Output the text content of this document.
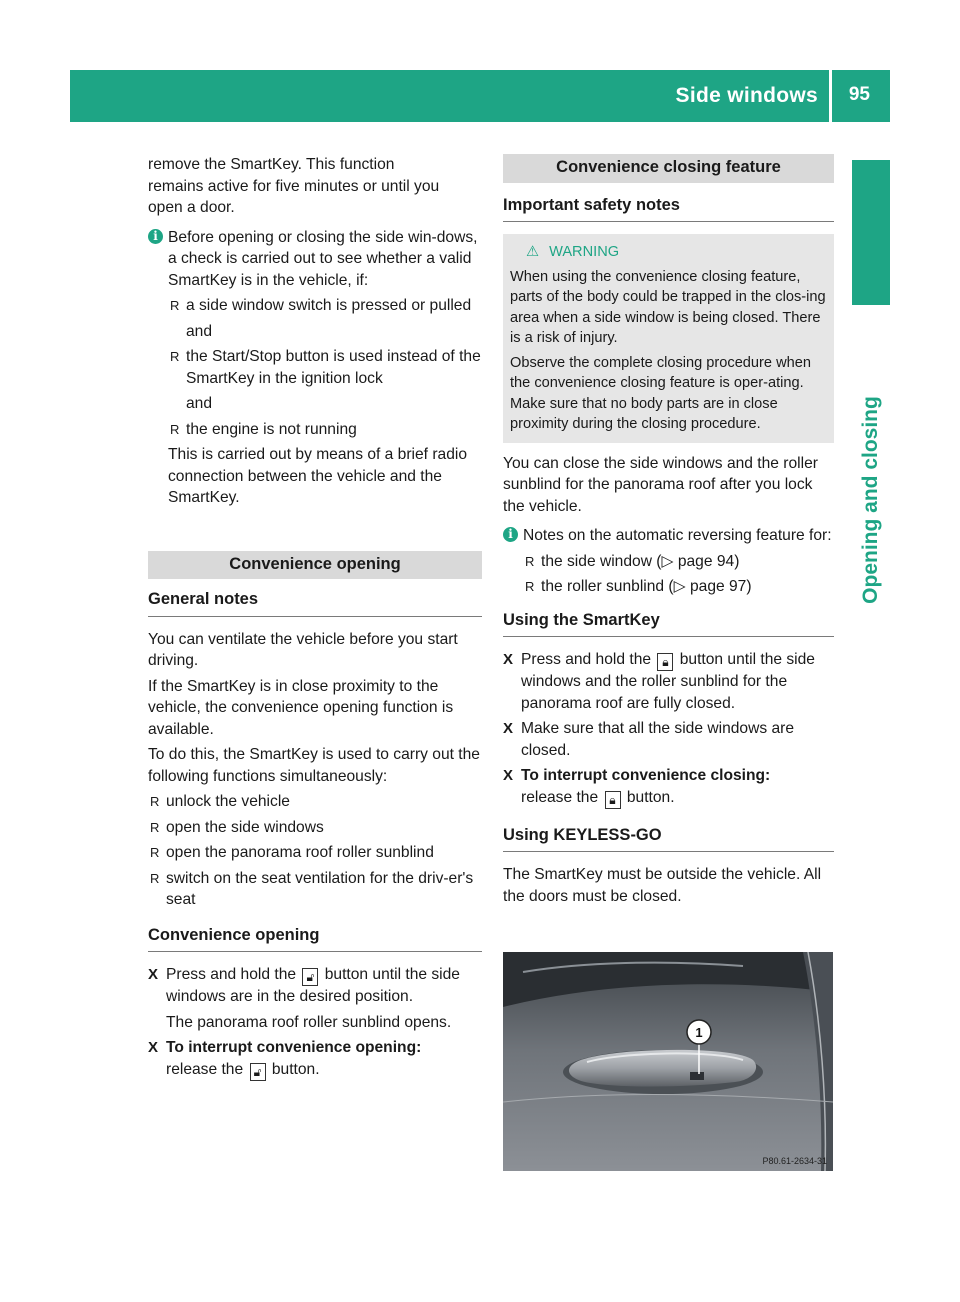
Side windows 95
Opening and closing

remove the SmartKey. This function

remains active for five minutes or until you

open a door.

i Before opening or closing the side win-dows, a check is carried out to see whether a valid SmartKey is in the vehicle, if:

R a side window switch is pressed or pulled
and
R the Start/Stop button is used instead of the SmartKey in the ignition lock
and
R the engine is not running

This is carried out by means of a brief radio connection between the vehicle and the SmartKey.

Convenience opening
General notes

You can ventilate the vehicle before you start driving.

If the SmartKey is in close proximity to the vehicle, the convenience opening function is available.

To do this, the SmartKey is used to carry out the following functions simultaneously:

R unlock the vehicle
R open the side windows
R open the panorama roof roller sunblind
R switch on the seat ventilation for the driv-er's seat
Convenience opening
X Press and hold the 🔓︎ button until the side windows are in the desired position.

The panorama roof roller sunblind opens.

X To interrupt convenience opening:
release the 🔓︎ button.
Convenience closing feature
Important safety notes
⚠︎ WARNING

When using the convenience closing feature, parts of the body could be trapped in the clos-ing area when a side window is being closed. There is a risk of injury.

Observe the complete closing procedure when the convenience closing feature is oper-ating. Make sure that no body parts are in close proximity during the closing procedure.

You can close the side windows and the roller sunblind for the panorama roof after you lock the vehicle.

i Notes on the automatic reversing feature for:

R the side window (▷︎ page 94)
R the roller sunblind (▷︎ page 97)
Using the SmartKey
X Press and hold the 🔒︎ button until the side windows and the roller sunblind for the panorama roof are fully closed.
X Make sure that all the side windows are closed.
X To interrupt convenience closing:
release the 🔒︎ button.
Using KEYLESS-GO

The SmartKey must be outside the vehicle. All the doors must be closed.

1
P80.61-2634-31
